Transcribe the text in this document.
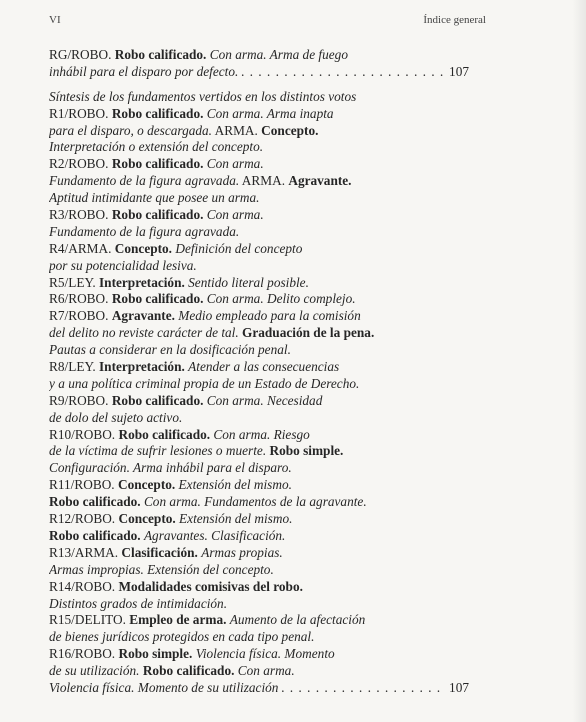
VI	Índice general
RG/ROBO. Robo calificado. Con arma. Arma de fuego
inhábil para el disparo por defecto. . . .	107
Síntesis de los fundamentos vertidos en los distintos votos
R1/ROBO. Robo calificado. Con arma. Arma inapta
para el disparo, o descargada. ARMA. Concepto.
Interpretación o extensión del concepto.
R2/ROBO. Robo calificado. Con arma.
Fundamento de la figura agravada. ARMA. Agravante.
Aptitud intimidante que posee un arma.
R3/ROBO. Robo calificado. Con arma.
Fundamento de la figura agravada.
R4/ARMA. Concepto. Definición del concepto
por su potencialidad lesiva.
R5/LEY. Interpretación. Sentido literal posible.
R6/ROBO. Robo calificado. Con arma. Delito complejo.
R7/ROBO. Agravante. Medio empleado para la comisión
del delito no reviste carácter de tal. Graduación de la pena.
Pautas a considerar en la dosificación penal.
R8/LEY. Interpretación. Atender a las consecuencias
y a una política criminal propia de un Estado de Derecho.
R9/ROBO. Robo calificado. Con arma. Necesidad
de dolo del sujeto activo.
R10/ROBO. Robo calificado. Con arma. Riesgo
de la víctima de sufrir lesiones o muerte. Robo simple.
Configuración. Arma inhábil para el disparo.
R11/ROBO. Concepto. Extensión del mismo.
Robo calificado. Con arma. Fundamentos de la agravante.
R12/ROBO. Concepto. Extensión del mismo.
Robo calificado. Agravantes. Clasificación.
R13/ARMA. Clasificación. Armas propias.
Armas impropias. Extensión del concepto.
R14/ROBO. Modalidades comisivas del robo.
Distintos grados de intimidación.
R15/DELITO. Empleo de arma. Aumento de la afectación
de bienes jurídicos protegidos en cada tipo penal.
R16/ROBO. Robo simple. Violencia física. Momento
de su utilización. Robo calificado. Con arma.
Violencia física. Momento de su utilización . . .	107
